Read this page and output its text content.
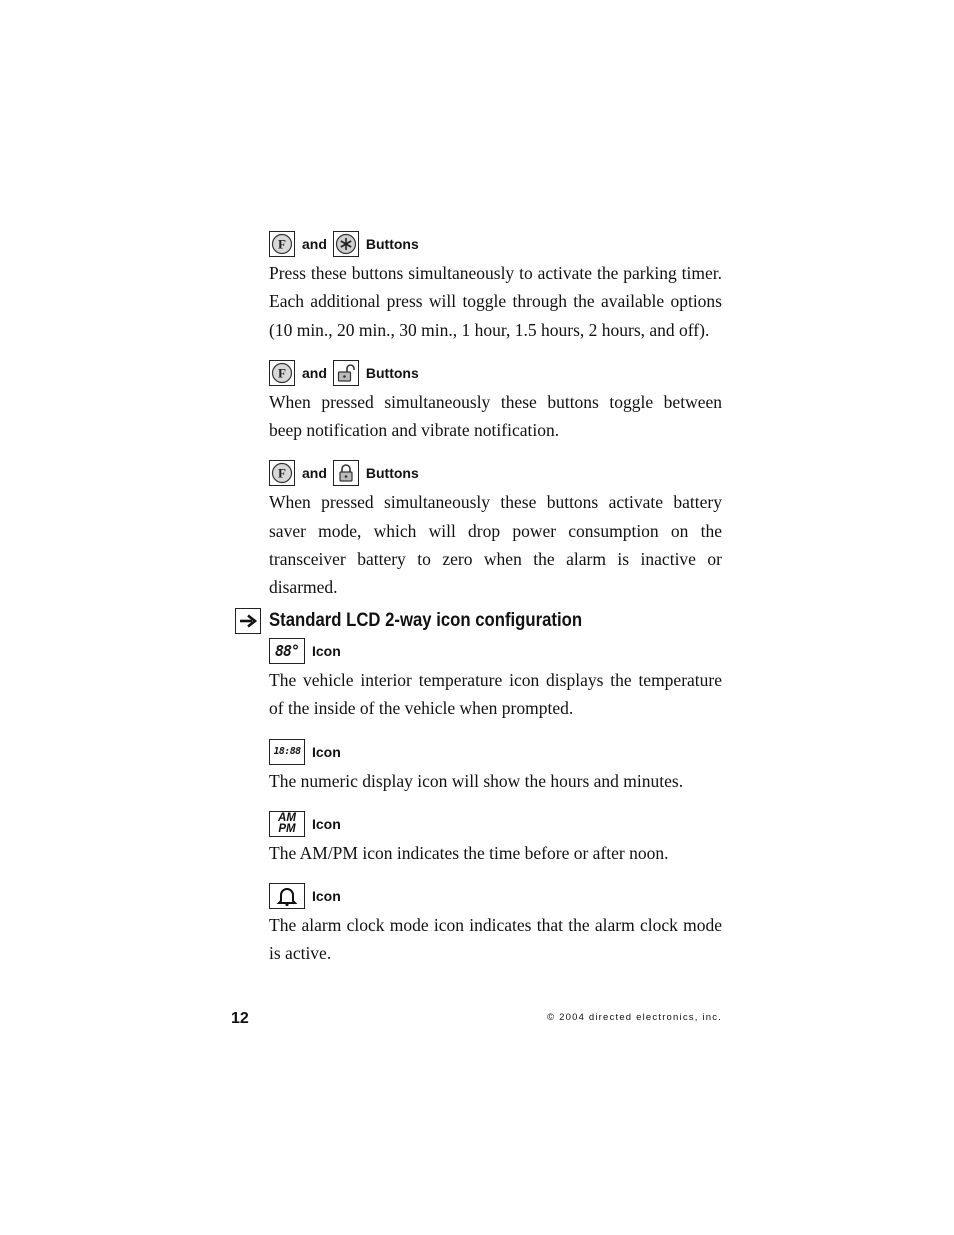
F and	Buttons

Press these buttons simultaneously to activate the parking timer. Each additional press will toggle through the available options (10 min., 20 min., 30 min., 1 hour, 1.5 hours, 2 hours, and off).

F and	Buttons

When pressed simultaneously these buttons toggle between beep notification and vibrate notification.

F and	Buttons

When pressed simultaneously these buttons activate battery saver mode, which will drop power consumption on the transceiver battery to zero when the alarm is inactive or disarmed.

Standard LCD 2-way icon configuration
88° Icon

The vehicle interior temperature icon displays the temperature of the inside of the vehicle when prompted.

18:88 Icon

The numeric display icon will show the hours and minutes.

AM
PM Icon

The AM/PM icon indicates the time before or after noon.

Icon

The alarm clock mode icon indicates that the alarm clock mode is active.

12	© 2004 directed electronics, inc.
